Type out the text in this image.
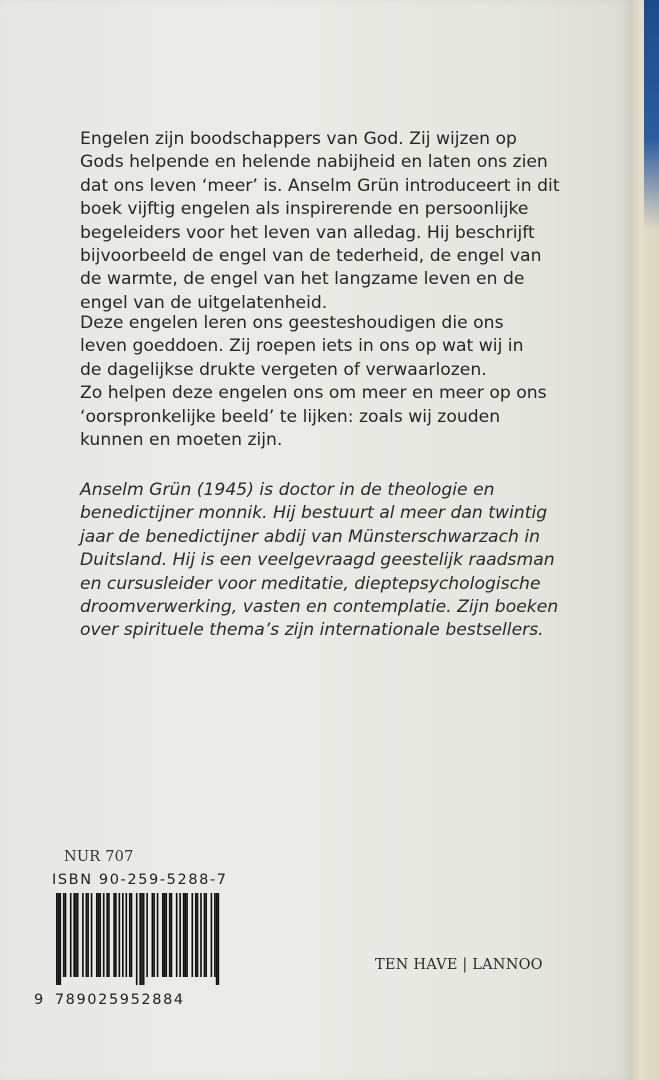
Engelen zijn boodschappers van God. Zij wijzen op
Gods helpende en helende nabijheid en laten ons zien
dat ons leven ‘meer’ is. Anselm Grün introduceert in dit
boek vijftig engelen als inspirerende en persoonlijke
begeleiders voor het leven van alledag. Hij beschrijft
bijvoorbeeld de engel van de tederheid, de engel van
de warmte, de engel van het langzame leven en de
engel van de uitgelatenheid.
Deze engelen leren ons geesteshoudigen die ons
leven goeddoen. Zij roepen iets in ons op wat wij in
de dagelijkse drukte vergeten of verwaarlozen.
Zo helpen deze engelen ons om meer en meer op ons
‘oorspronkelijke beeld’ te lijken: zoals wij zouden
kunnen en moeten zijn.
Anselm Grün (1945) is doctor in de theologie en
benedictijner monnik. Hij bestuurt al meer dan twintig
jaar de benedictijner abdij van Münsterschwarzach in
Duitsland. Hij is een veelgevraagd geestelijk raadsman
en cursusleider voor meditatie, dieptepsychologische
droomverwerking, vasten en contemplatie. Zijn boeken
over spirituele thema’s zijn internationale bestsellers.
NUR 707
ISBN 90-259-5288-7
9 789025952884
TEN HAVE | LANNOO
